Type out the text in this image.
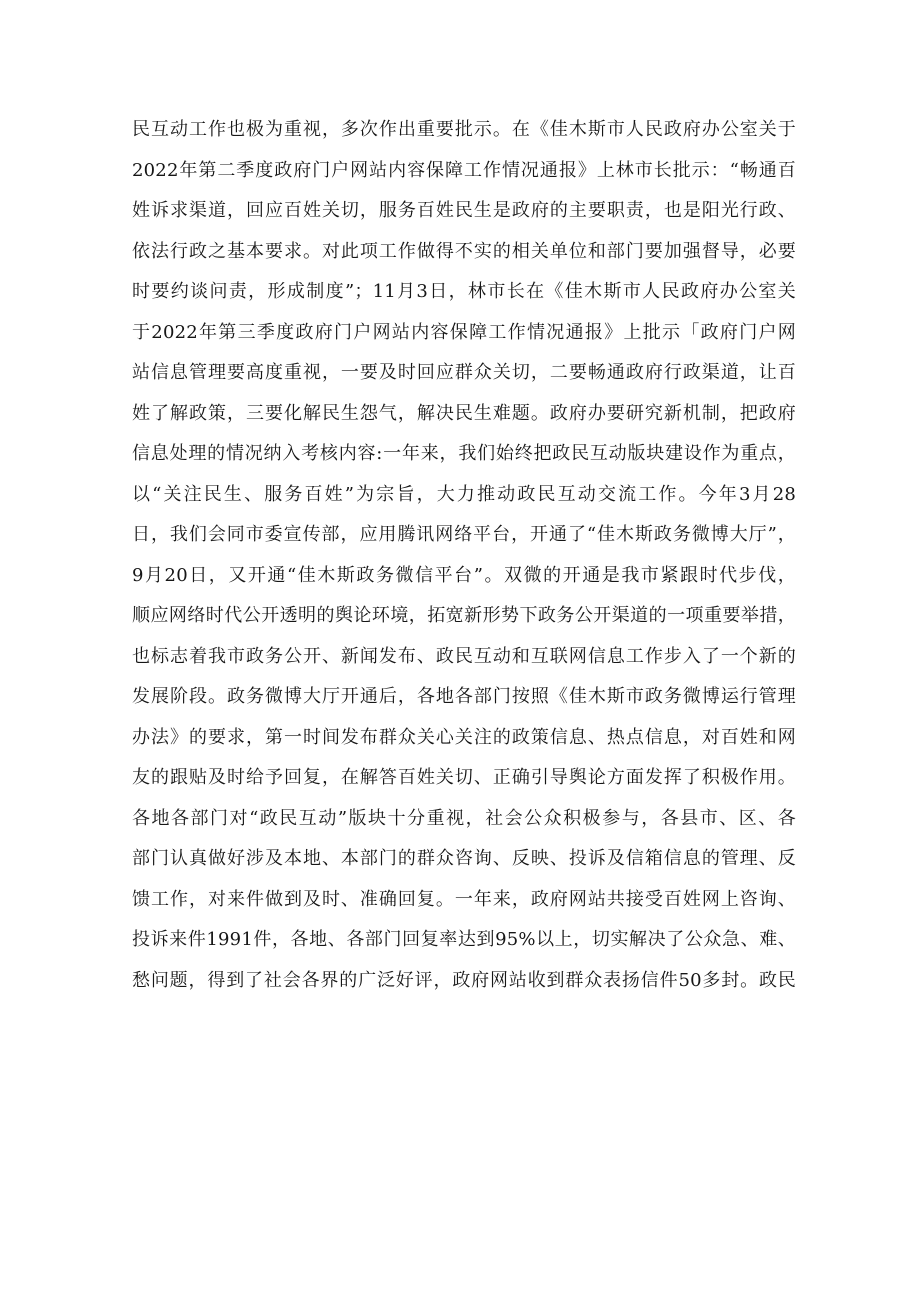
民互动工作也极为重视，多次作出重要批示。在《佳木斯市人民政府办公室关于
2022年第二季度政府门户网站内容保障工作情况通报》上林市长批示：“畅通百
姓诉求渠道，回应百姓关切，服务百姓民生是政府的主要职责，也是阳光行政、
依法行政之基本要求。对此项工作做得不实的相关单位和部门要加强督导，必要
时要约谈问责，形成制度”；11月3日，林市长在《佳木斯市人民政府办公室关
于2022年第三季度政府门户网站内容保障工作情况通报》上批示「政府门户网
站信息管理要高度重视，一要及时回应群众关切，二要畅通政府行政渠道，让百
姓了解政策，三要化解民生怨气，解决民生难题。政府办要研究新机制，把政府
信息处理的情况纳入考核内容:一年来，我们始终把政民互动版块建设作为重点，
以“关注民生、服务百姓”为宗旨，大力推动政民互动交流工作。今年3月28
日，我们会同市委宣传部，应用腾讯网络平台，开通了“佳木斯政务微博大厅”，
9月20日，又开通“佳木斯政务微信平台”。双微的开通是我市紧跟时代步伐，
顺应网络时代公开透明的舆论环境，拓宽新形势下政务公开渠道的一项重要举措，
也标志着我市政务公开、新闻发布、政民互动和互联网信息工作步入了一个新的
发展阶段。政务微博大厅开通后，各地各部门按照《佳木斯市政务微博运行管理
办法》的要求，第一时间发布群众关心关注的政策信息、热点信息，对百姓和网
友的跟贴及时给予回复，在解答百姓关切、正确引导舆论方面发挥了积极作用。
各地各部门对“政民互动”版块十分重视，社会公众积极参与，各县市、区、各
部门认真做好涉及本地、本部门的群众咨询、反映、投诉及信箱信息的管理、反
馈工作，对来件做到及时、准确回复。一年来，政府网站共接受百姓网上咨询、
投诉来件1991件，各地、各部门回复率达到95%以上，切实解决了公众急、难、
愁问题，得到了社会各界的广泛好评，政府网站收到群众表扬信件50多封。政民
